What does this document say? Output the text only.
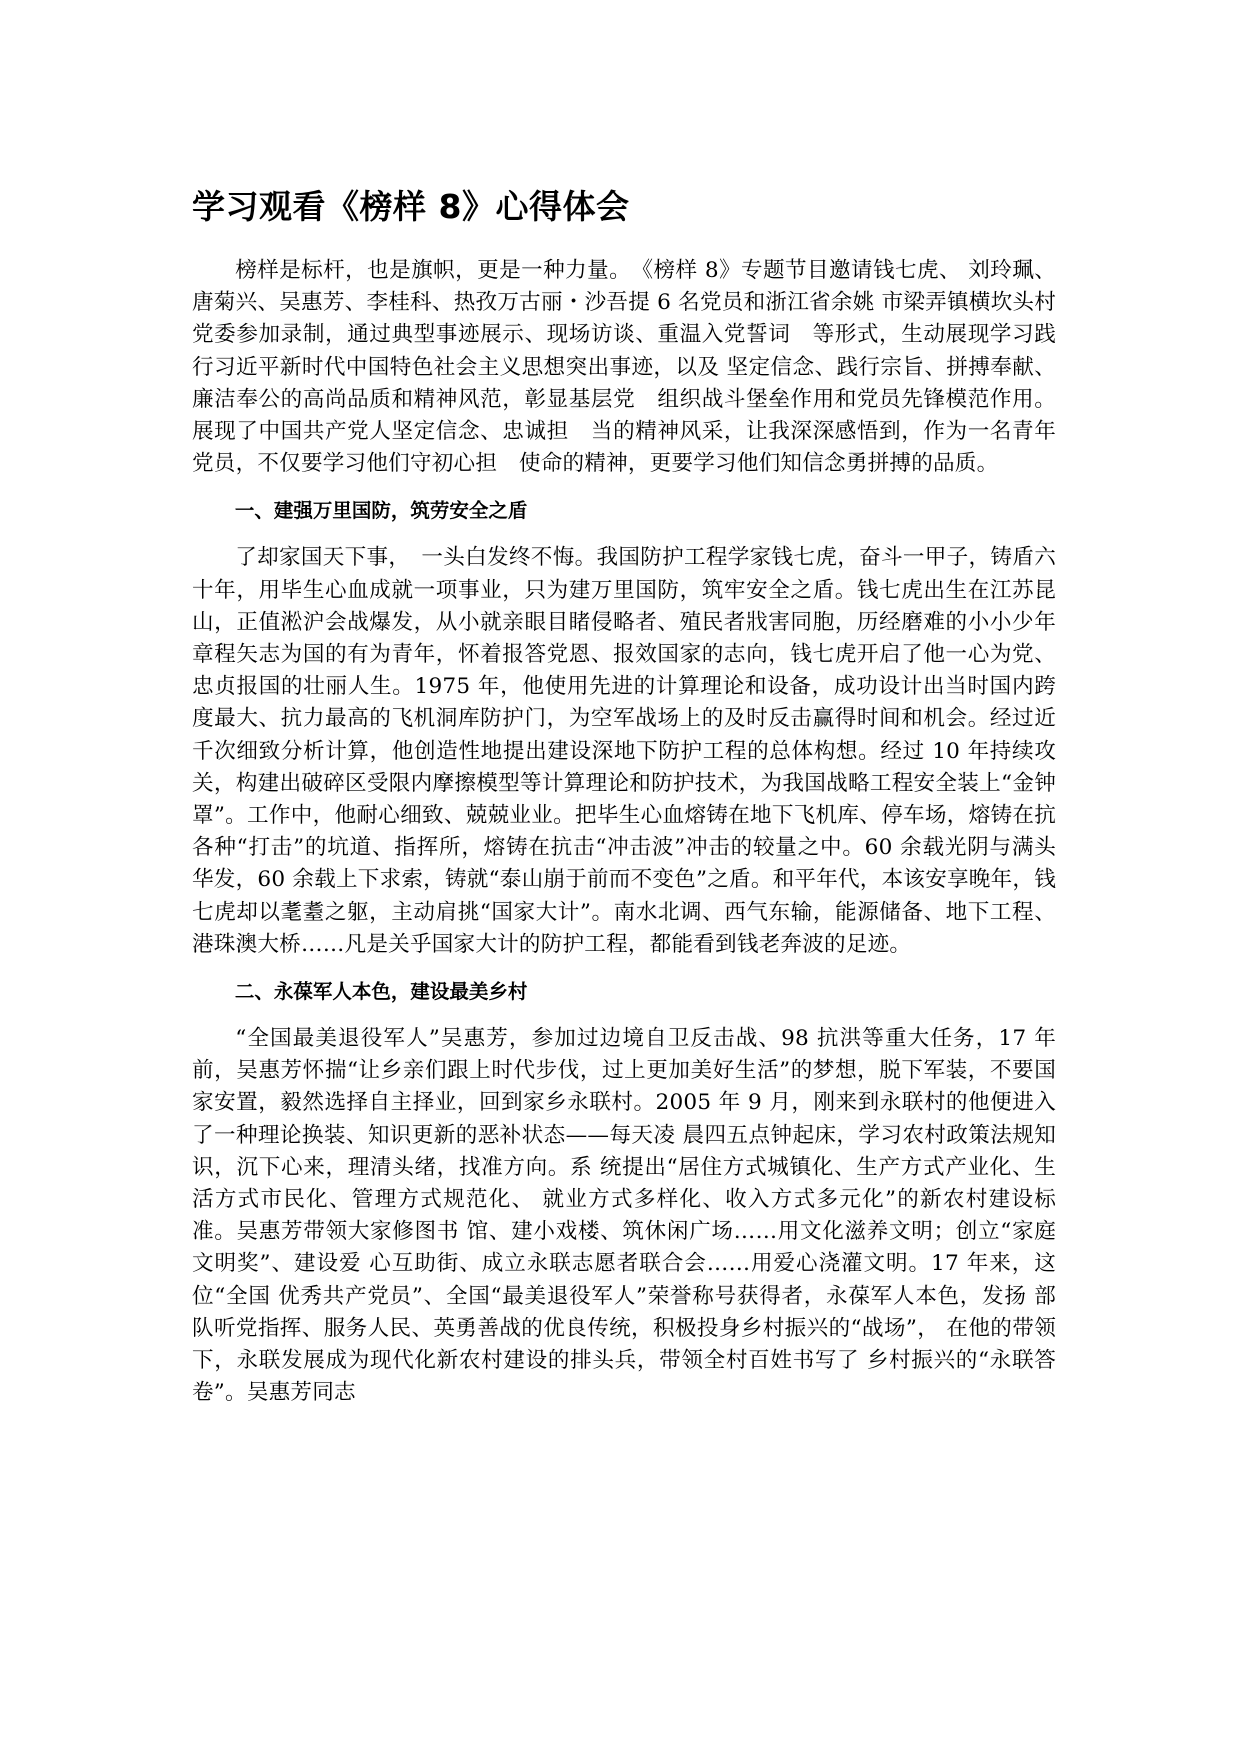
学习观看《榜样 8》心得体会

榜样是标杆，也是旗帜，更是一种力量。　《榜样 8》专题节目邀请钱七虎、 刘玲珮、唐菊兴、吴惠芳、李桂科、热孜万古丽・沙吾提 6 名党员和浙江省余姚 市梁弄镇横坎头村党委参加录制，通过典型事迹展示、现场访谈、重温入党誓词　等形式，生动展现学习践行习近平新时代中国特色社会主义思想突出事迹，以及 坚定信念、践行宗旨、拼搏奉献、廉洁奉公的高尚品质和精神风范，彰显基层党　组织战斗堡垒作用和党员先锋模范作用。展现了中国共产党人坚定信念、忠诚担　当的精神风采，让我深深感悟到，作为一名青年党员，不仅要学习他们守初心担　使命的精神，更要学习他们知信念勇拼搏的品质。

一、建强万里国防，筑劳安全之盾

了却家国天下事，　一头白发终不悔。我国防护工程学家钱七虎，奋斗一甲子，铸盾六十年，用毕生心血成就一项事业，只为建万里国防，筑牢安全之盾。钱七虎出生在江苏昆山，正值淞沪会战爆发，从小就亲眼目睹侵略者、殖民者戕害同胞，历经磨难的小小少年章程矢志为国的有为青年，怀着报答党恩、报效国家的志向，钱七虎开启了他一心为党、忠贞报国的壮丽人生。1975 年，他使用先进的计算理论和设备，成功设计出当时国内跨度最大、抗力最高的飞机洞库防护门，为空军战场上的及时反击赢得时间和机会。经过近千次细致分析计算，他创造性地提出建设深地下防护工程的总体构想。经过 10 年持续攻关，构建出破碎区受限内摩擦模型等计算理论和防护技术，为我国战略工程安全装上“金钟罩”。工作中，他耐心细致、兢兢业业。把毕生心血熔铸在地下飞机库、停车场，熔铸在抗各种“打击”的坑道、指挥所，熔铸在抗击“冲击波”冲击的较量之中。60 余载光阴与满头华发，60 余载上下求索，铸就“泰山崩于前而不变色”之盾。和平年代，本该安享晚年，钱七虎却以耄耋之躯，主动肩挑“国家大计”。南水北调、西气东输，能源储备、地下工程、港珠澳大桥……凡是关乎国家大计的防护工程，都能看到钱老奔波的足迹。

二、永葆军人本色，建设最美乡村

“全国最美退役军人”吴惠芳，参加过边境自卫反击战、98 抗洪等重大任务，17 年前，吴惠芳怀揣“让乡亲们跟上时代步伐，过上更加美好生活”的梦想，脱下军装，不要国家安置，毅然选择自主择业，回到家乡永联村。2005 年 9 月，刚来到永联村的他便进入了一种理论换装、知识更新的恶补状态——每天凌 晨四五点钟起床，学习农村政策法规知识，沉下心来，理清头绪，找准方向。系 统提出“居住方式城镇化、生产方式产业化、生活方式市民化、管理方式规范化、 就业方式多样化、收入方式多元化”的新农村建设标准。吴惠芳带领大家修图书 馆、建小戏楼、筑休闲广场……用文化滋养文明；创立“家庭文明奖”、建设爱 心互助街、成立永联志愿者联合会……用爱心浇灌文明。17 年来，这位“全国 优秀共产党员”、全国“最美退役军人”荣誉称号获得者，永葆军人本色，发扬 部队听党指挥、服务人民、英勇善战的优良传统，积极投身乡村振兴的“战场”， 在他的带领下，永联发展成为现代化新农村建设的排头兵，带领全村百姓书写了 乡村振兴的“永联答卷”。吴惠芳同志
